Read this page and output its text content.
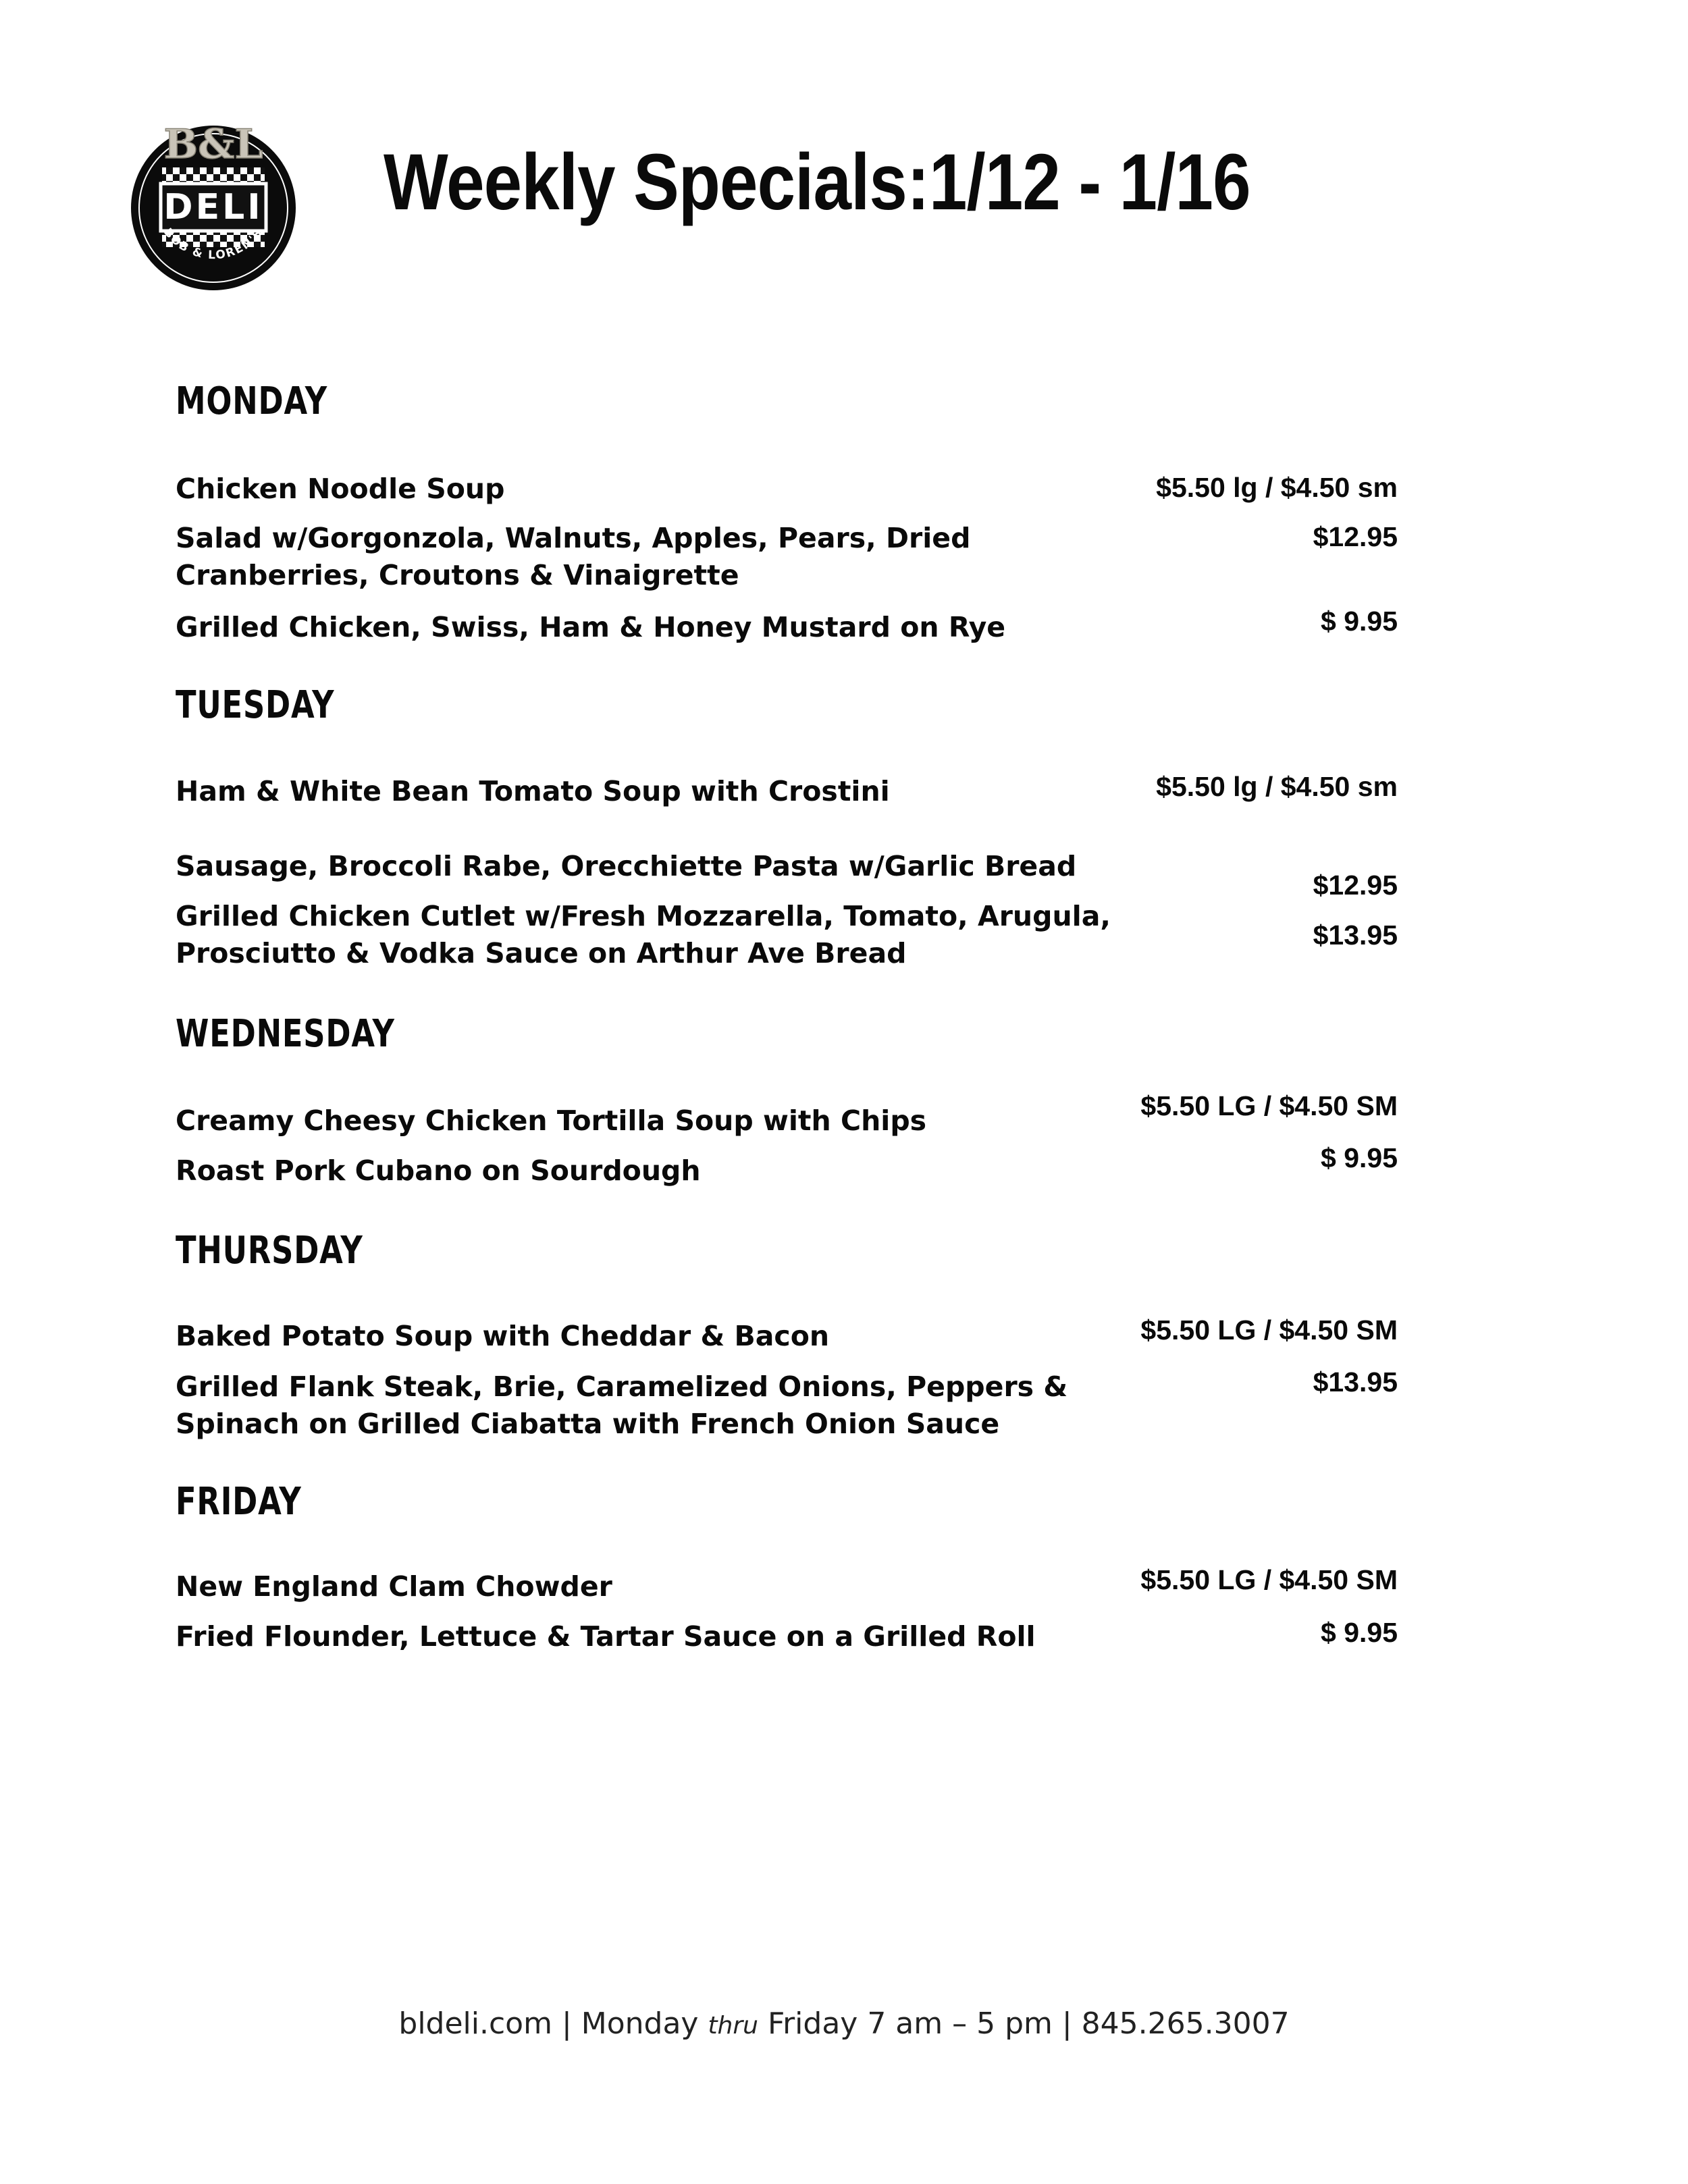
DELI
B&L
BOB & LOREN'S
Weekly Specials:1/12 - 1/16
MONDAY
Chicken Noodle Soup	$5.50 lg / $4.50 sm
Salad w/Gorgonzola, Walnuts, Apples, Pears, Dried
Cranberries, Croutons & Vinaigrette
$12.95
Grilled Chicken, Swiss, Ham & Honey Mustard on Rye	$ 9.95
TUESDAY
Ham & White Bean Tomato Soup with Crostini	$5.50 lg / $4.50 sm
Sausage, Broccoli Rabe, Orecchiette Pasta w/Garlic Bread
$12.95
Grilled Chicken Cutlet w/Fresh Mozzarella, Tomato, Arugula,
Prosciutto & Vodka Sauce on Arthur Ave Bread
$13.95
WEDNESDAY
Creamy Cheesy Chicken Tortilla Soup with Chips	$5.50 LG / $4.50 SM
Roast Pork Cubano on Sourdough	$ 9.95
THURSDAY
Baked Potato Soup with Cheddar & Bacon	$5.50 LG / $4.50 SM
Grilled Flank Steak, Brie, Caramelized Onions, Peppers &
Spinach on Grilled Ciabatta with French Onion Sauce
$13.95
FRIDAY
New England Clam Chowder	$5.50 LG / $4.50 SM
Fried Flounder, Lettuce & Tartar Sauce on a Grilled Roll	$ 9.95
bldeli.com | Monday thru Friday 7 am – 5 pm | 845.265.3007
